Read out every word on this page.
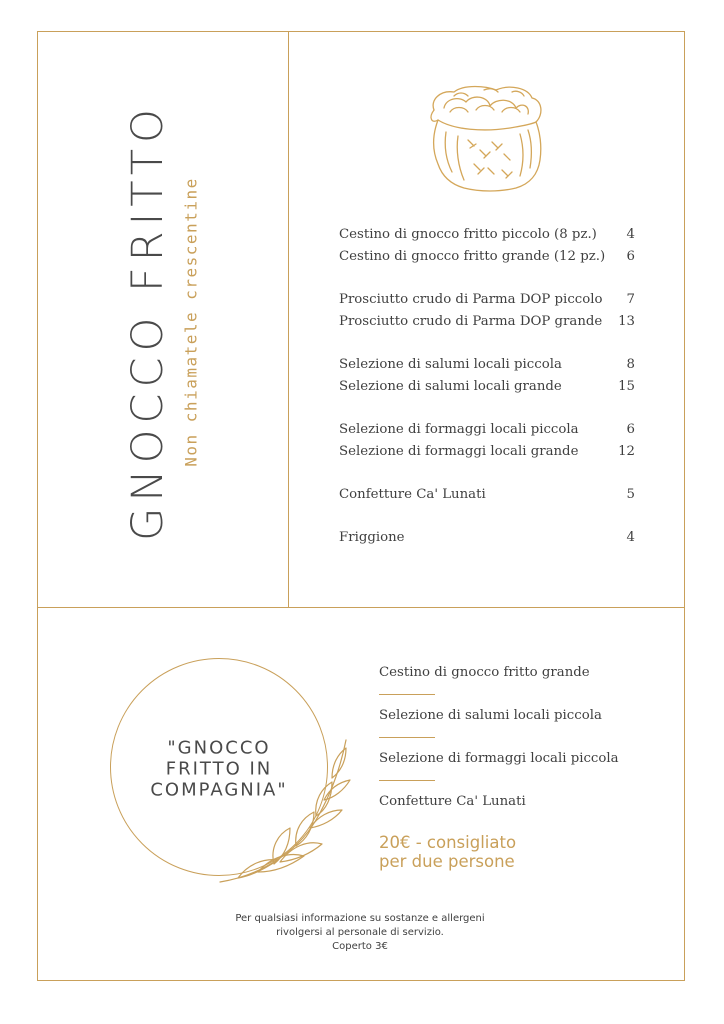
GNOCCO FRITTO Non chiamatele crescentine	Cestino di gnocco fritto piccolo (8 pz.) 4
Cestino di gnocco fritto grande (12 pz.) 6
Prosciutto crudo di Parma DOP piccolo 7
Prosciutto crudo di Parma DOP grande 13
Selezione di salumi locali piccola	8
Selezione di salumi locali grande	15
Selezione di formaggi locali piccola	6
Selezione di formaggi locali grande	12
Confetture Ca' Lunati	5
Friggione	4
"GNOCCO
FRITTO IN
COMPAGNIA"
Cestino di gnocco fritto grande
Selezione di salumi locali piccola
Selezione di formaggi locali piccola
Confetture Ca' Lunati
20€ - consigliato
per due persone
Per qualsiasi informazione su sostanze e allergeni
rivolgersi al personale di servizio.
Coperto 3€
